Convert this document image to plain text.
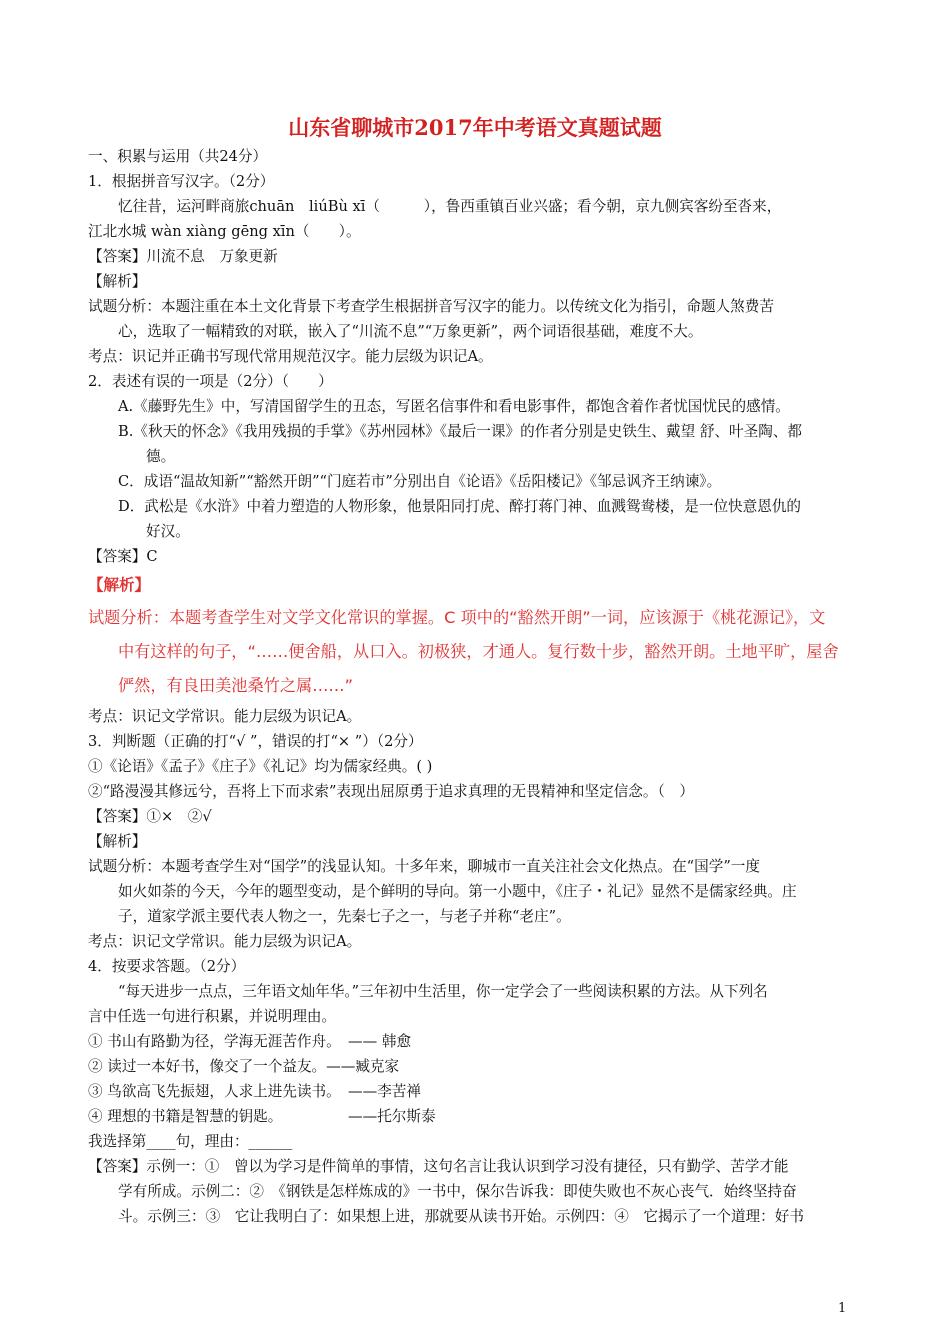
山东省聊城市2017年中考语文真题试题
一、积累与运用（共24分）
1．根据拼音写汉字。（2分）
忆往昔，运河畔商旅chuān　liúBù xī（　　　），鲁西重镇百业兴盛；看今朝，京九侧宾客纷至沓来，
江北水城 wàn xiàng gēng xīn（　　）。
【答案】川流不息　万象更新
【解析】
试题分析：本题注重在本土文化背景下考查学生根据拼音写汉字的能力。以传统文化为指引，命题人煞费苦
心，选取了一幅精致的对联，嵌入了“川流不息”“万象更新”，两个词语很基础，难度不大。
考点：识记并正确书写现代常用规范汉字。能力层级为识记A。
2．表述有误的一项是（2分）（　　）
A.《藤野先生》中，写清国留学生的丑态，写匿名信事件和看电影事件，都饱含着作者忧国忧民的感情。
B.《秋天的怀念》《我用残损的手掌》《苏州园林》《最后一课》的作者分别是史铁生、戴望 舒、叶圣陶、都
德。
C．成语“温故知新”“豁然开朗”“门庭若市”分别出自《论语》《岳阳楼记》《邹忌讽齐王纳谏》。
D．武松是《水浒》中着力塑造的人物形象，他景阳同打虎、醉打蒋门神、血溅鸳鸯楼，是一位快意恩仇的
好汉。
【答案】C
【解析】
试题分析：本题考查学生对文学文化常识的掌握。C 项中的“豁然开朗”一词，应该源于《桃花源记》，文
中有这样的句子，“……便舍船，从口入。初极狭，才通人。复行数十步，豁然开朗。土地平旷，屋舍
俨然，有良田美池桑竹之属……”
考点：识记文学常识。能力层级为识记A。
3．判断题（正确的打“√ ”，错误的打“× ”）（2分）
①《论语》《孟子》《庄子》《礼记》均为儒家经典。( )
②“路漫漫其修远兮，吾将上下而求索”表现出屈原勇于追求真理的无畏精神和坚定信念。（　）
【答案】①×　②√
【解析】
试题分析：本题考查学生对“国学”的浅显认知。十多年来，聊城市一直关注社会文化热点。在“国学”一度
如火如荼的今天，今年的题型变动，是个鲜明的导向。第一小题中，《庄子・礼记》显然不是儒家经典。庄
子，道家学派主要代表人物之一，先秦七子之一，与老子并称“老庄”。
考点：识记文学常识。能力层级为识记A。
4．按要求答题。（2分）
“每天进步一点点，三年语文灿年华。”三年初中生活里，你一定学会了一些阅读积累的方法。从下列名
言中任选一句进行积累，并说明理由。
① 书山有路勤为径，学海无涯苦作舟。　—— 韩愈
② 读过一本好书，像交了一个益友。——臧克家
③ 鸟欲高飞先振翅，人求上进先读书。　——李苦禅
④ 理想的书籍是智慧的钥匙。　　　　　——托尔斯泰
我选择第____句，理由：______
【答案】示例一：①　曾以为学习是件简单的事情，这句名言让我认识到学习没有捷径，只有勤学、苦学才能
学有所成。示例二：②　《钢铁是怎样炼成的》一书中，保尔告诉我：即使失败也不灰心丧气．始终坚持奋
斗。示例三：③　它让我明白了：如果想上进，那就要从读书开始。示例四：④　它揭示了一个道理：好书
1
